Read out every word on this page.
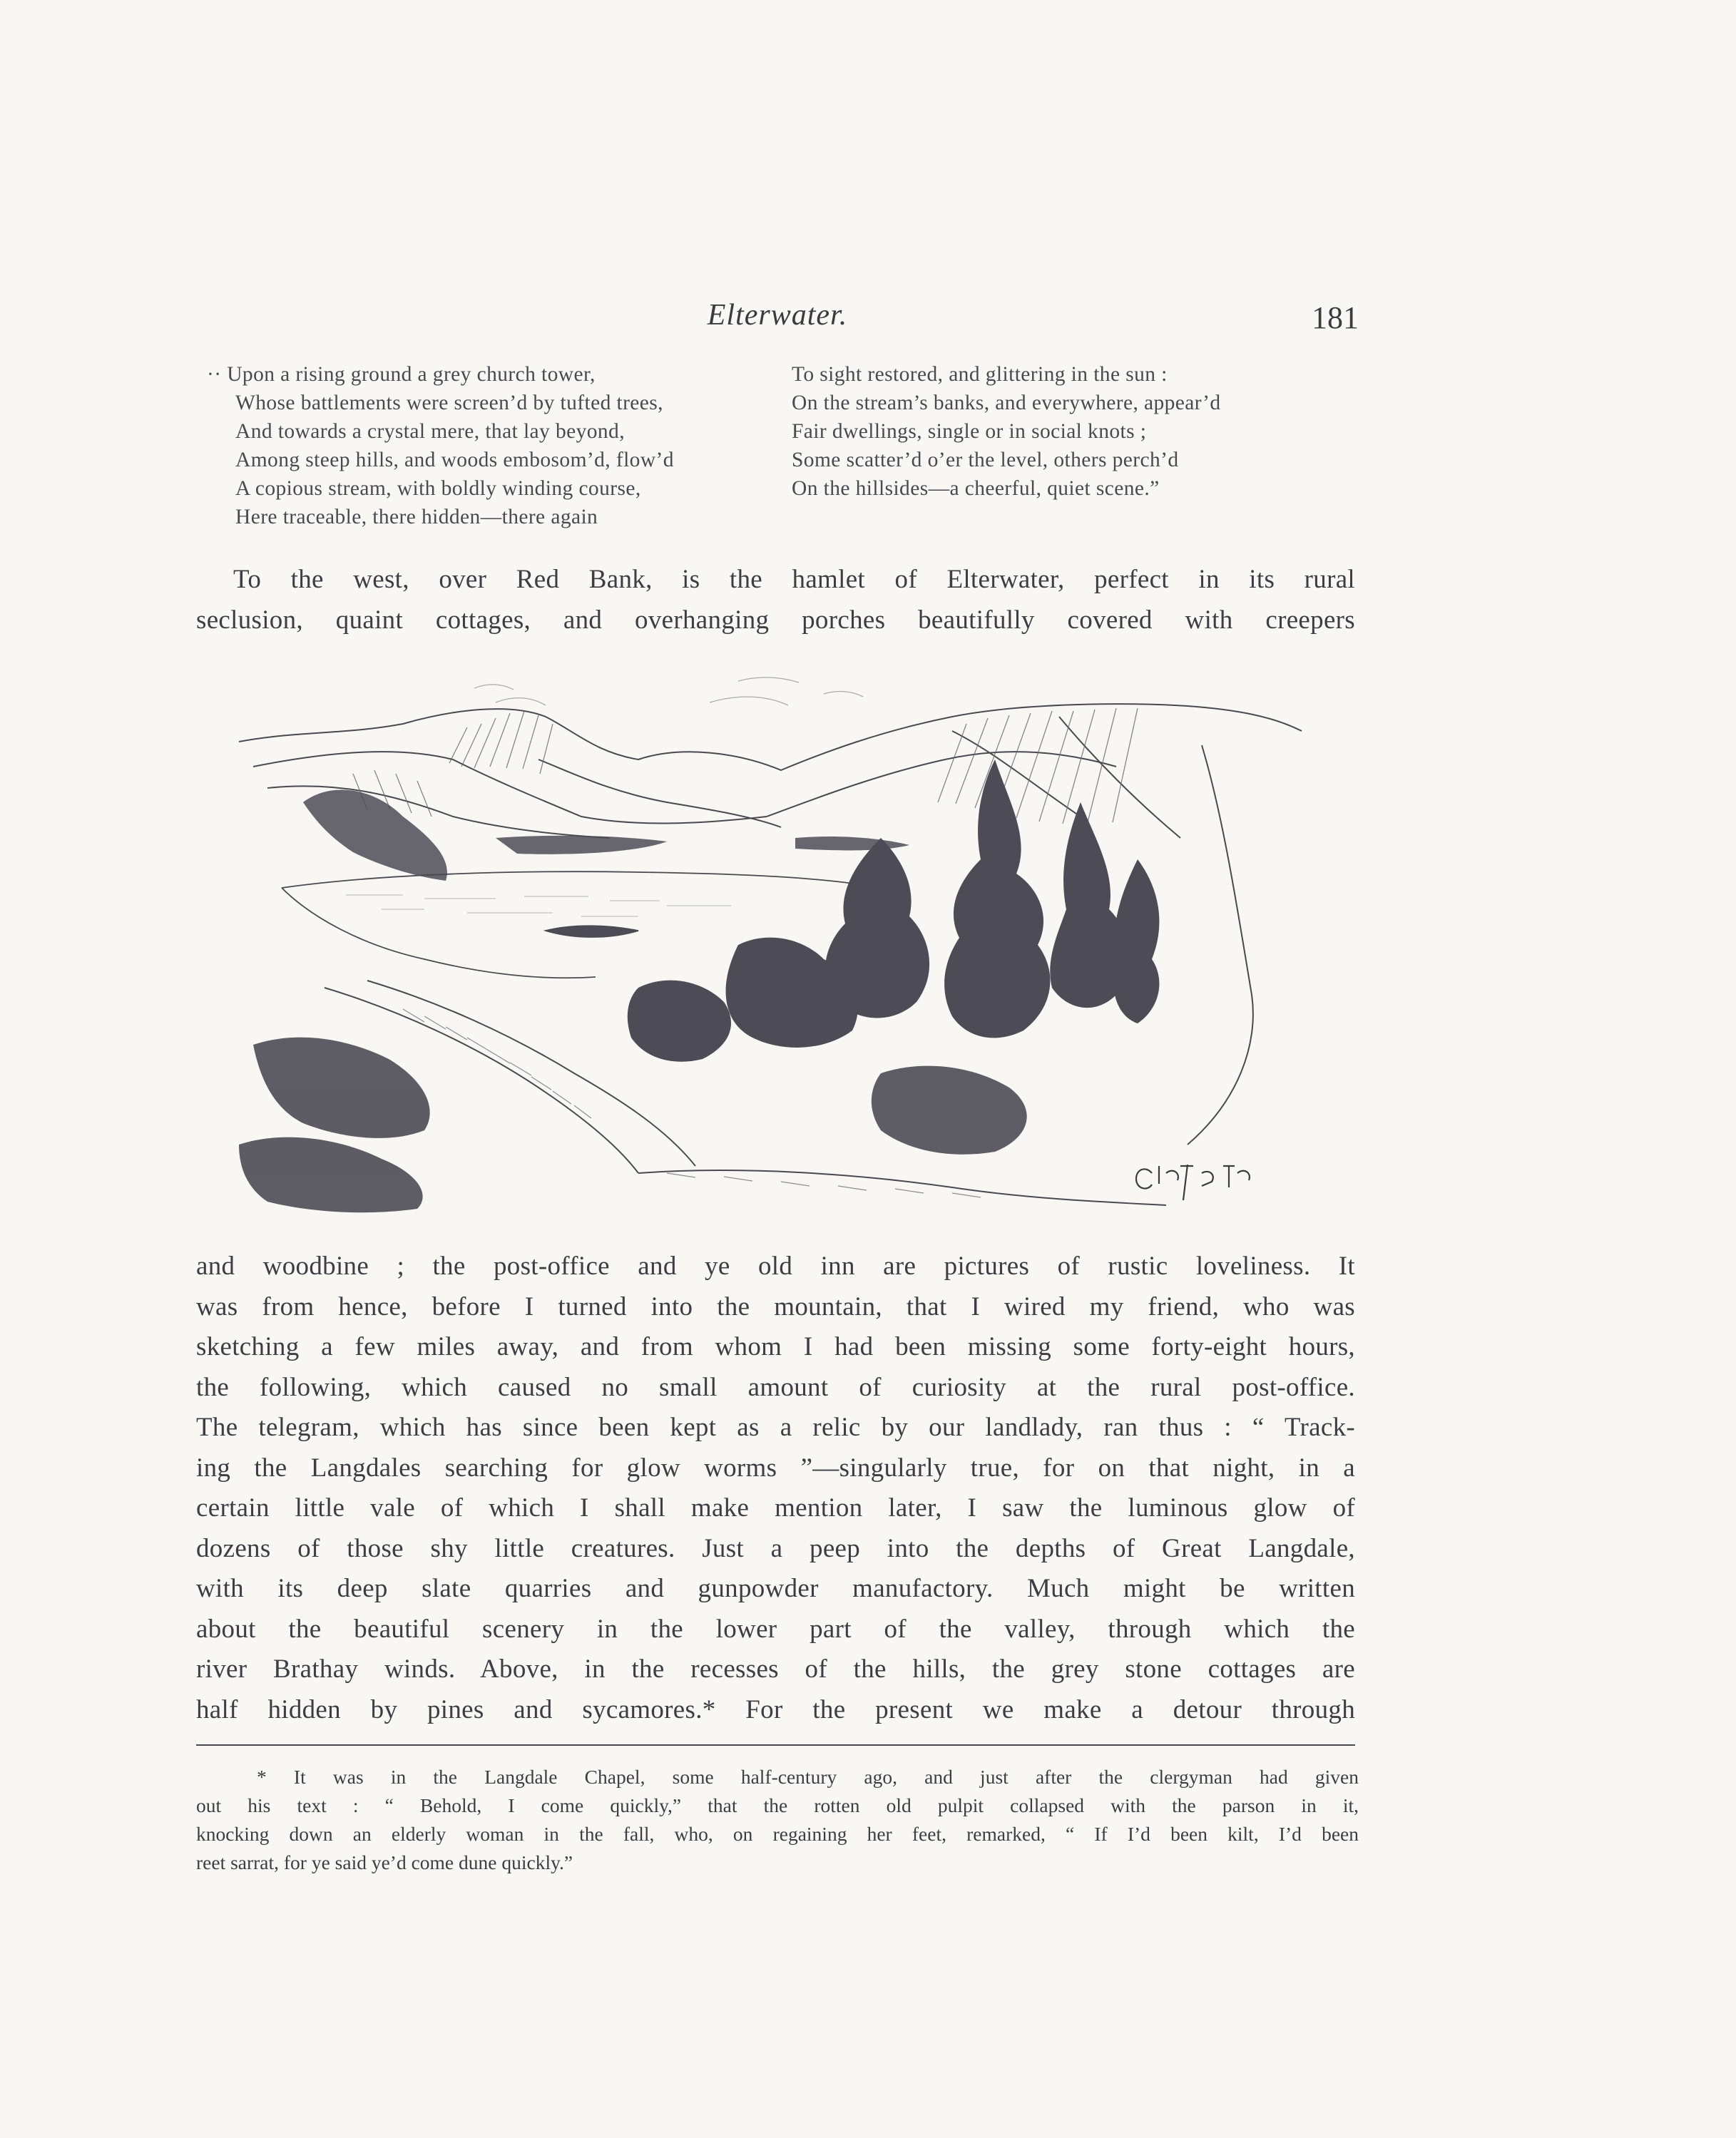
Elterwater.	181
·· Upon a rising ground a grey church tower,
Whose battlements were screen’d by tufted trees,
And towards a crystal mere, that lay beyond,
Among steep hills, and woods embosom’d, flow’d
A copious stream, with boldly winding course,
Here traceable, there hidden—there again
To sight restored, and glittering in the sun :
On the stream’s banks, and everywhere, appear’d
Fair dwellings, single or in social knots ;
Some scatter’d o’er the level, others perch’d
On the hillsides—a cheerful, quiet scene.”
To the west, over Red Bank, is the hamlet of Elterwater, perfect in its rural
seclusion, quaint cottages, and overhanging porches beautifully covered with creepers
and woodbine ; the post-office and ye old inn are pictures of rustic loveliness. It
was from hence, before I turned into the mountain, that I wired my friend, who was
sketching a few miles away, and from whom I had been missing some forty-eight hours,
the following, which caused no small amount of curiosity at the rural post-office.
The telegram, which has since been kept as a relic by our landlady, ran thus : “ Track-
ing the Langdales searching for glow worms ”—singularly true, for on that night, in a
certain little vale of which I shall make mention later, I saw the luminous glow of
dozens of those shy little creatures. Just a peep into the depths of Great Langdale,
with its deep slate quarries and gunpowder manufactory. Much might be written
about the beautiful scenery in the lower part of the valley, through which the
river Brathay winds. Above, in the recesses of the hills, the grey stone cottages are
half hidden by pines and sycamores.* For the present we make a detour through
* It was in the Langdale Chapel, some half-century ago, and just after the clergyman had given
out his text : “ Behold, I come quickly,” that the rotten old pulpit collapsed with the parson in it,
knocking down an elderly woman in the fall, who, on regaining her feet, remarked, “ If I’d been kilt, I’d been
reet sarrat, for ye said ye’d come dune quickly.”
